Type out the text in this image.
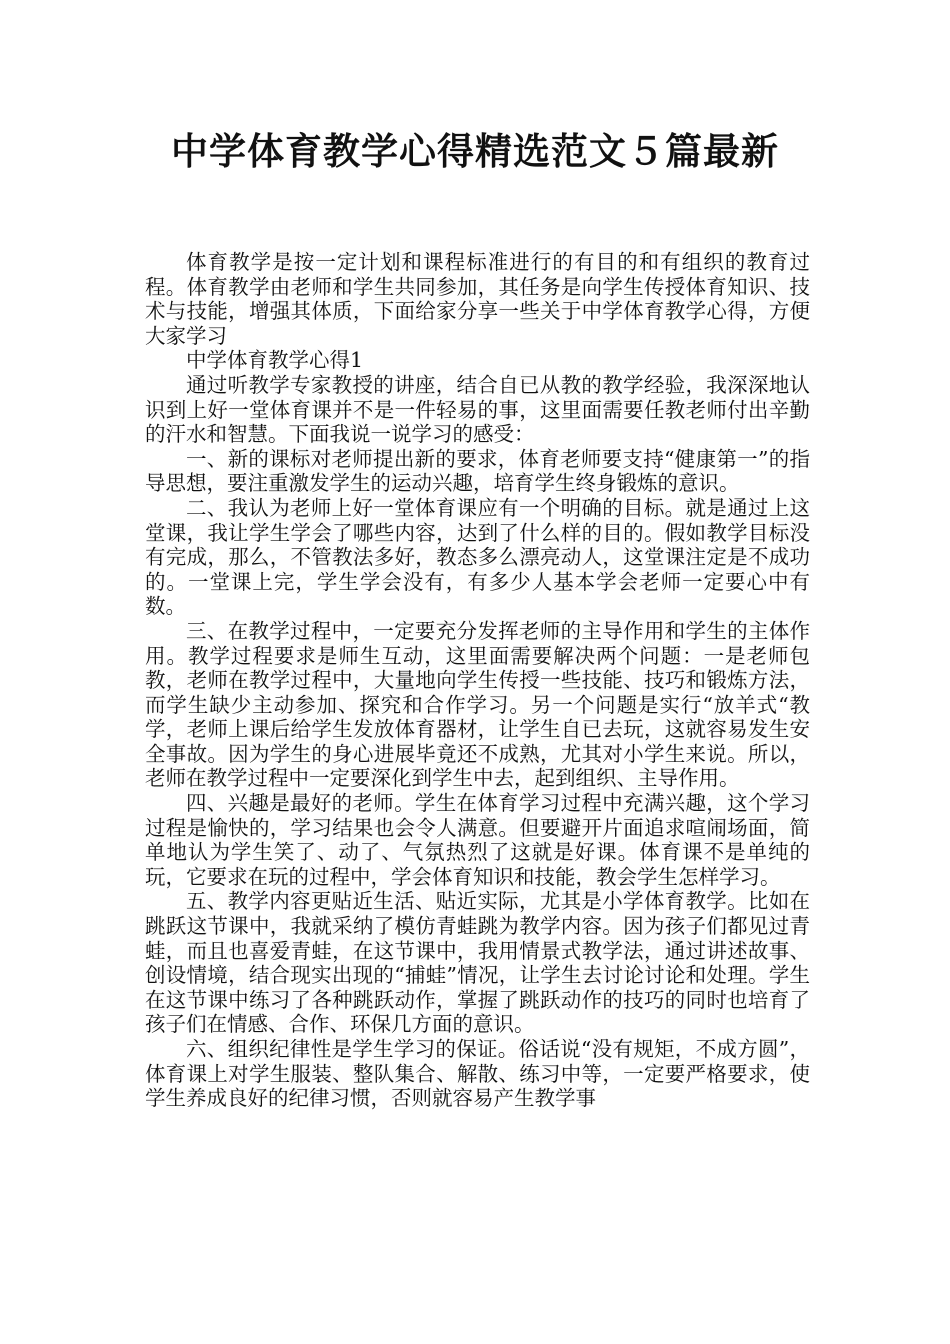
中学体育教学心得精选范文５篇最新

体育教学是按一定计划和课程标准进行的有目的和有组织的教育过程。体育教学由老师和学生共同参加，其任务是向学生传授体育知识、技术与技能，增强其体质，下面给家分享一些关于中学体育教学心得，方便大家学习

中学体育教学心得1

通过听教学专家教授的讲座，结合自已从教的教学经验，我深深地认识到上好一堂体育课并不是一件轻易的事，这里面需要任教老师付出辛勤的汗水和智慧。下面我说一说学习的感受：

一、新的课标对老师提出新的要求，体育老师要支持“健康第一”的指导思想，要注重激发学生的运动兴趣，培育学生终身锻炼的意识。

二、我认为老师上好一堂体育课应有一个明确的目标。就是通过上这堂课，我让学生学会了哪些内容，达到了什么样的目的。假如教学目标没有完成，那么，不管教法多好，教态多么漂亮动人，这堂课注定是不成功的。一堂课上完，学生学会没有，有多少人基本学会老师一定要心中有数。

三、在教学过程中，一定要充分发挥老师的主导作用和学生的主体作用。教学过程要求是师生互动，这里面需要解决两个问题：一是老师包教，老师在教学过程中，大量地向学生传授一些技能、技巧和锻炼方法，而学生缺少主动参加、探究和合作学习。另一个问题是实行“放羊式“教学，老师上课后给学生发放体育器材，让学生自已去玩，这就容易发生安全事故。因为学生的身心进展毕竟还不成熟，尤其对小学生来说。所以，老师在教学过程中一定要深化到学生中去，起到组织、主导作用。

四、兴趣是最好的老师。学生在体育学习过程中充满兴趣，这个学习过程是愉快的，学习结果也会令人满意。但要避开片面追求喧闹场面，简单地认为学生笑了、动了、气氛热烈了这就是好课。体育课不是单纯的玩，它要求在玩的过程中，学会体育知识和技能，教会学生怎样学习。

五、教学内容更贴近生活、贴近实际，尤其是小学体育教学。比如在跳跃这节课中，我就采纳了模仿青蛙跳为教学内容。因为孩子们都见过青蛙，而且也喜爱青蛙，在这节课中，我用情景式教学法，通过讲述故事、创设情境，结合现实出现的“捕蛙”情况，让学生去讨论讨论和处理。学生在这节课中练习了各种跳跃动作，掌握了跳跃动作的技巧的同时也培育了孩子们在情感、合作、环保几方面的意识。

六、组织纪律性是学生学习的保证。俗话说“没有规矩，不成方圆”，体育课上对学生服装、整队集合、解散、练习中等，一定要严格要求，使学生养成良好的纪律习惯，否则就容易产生教学事
